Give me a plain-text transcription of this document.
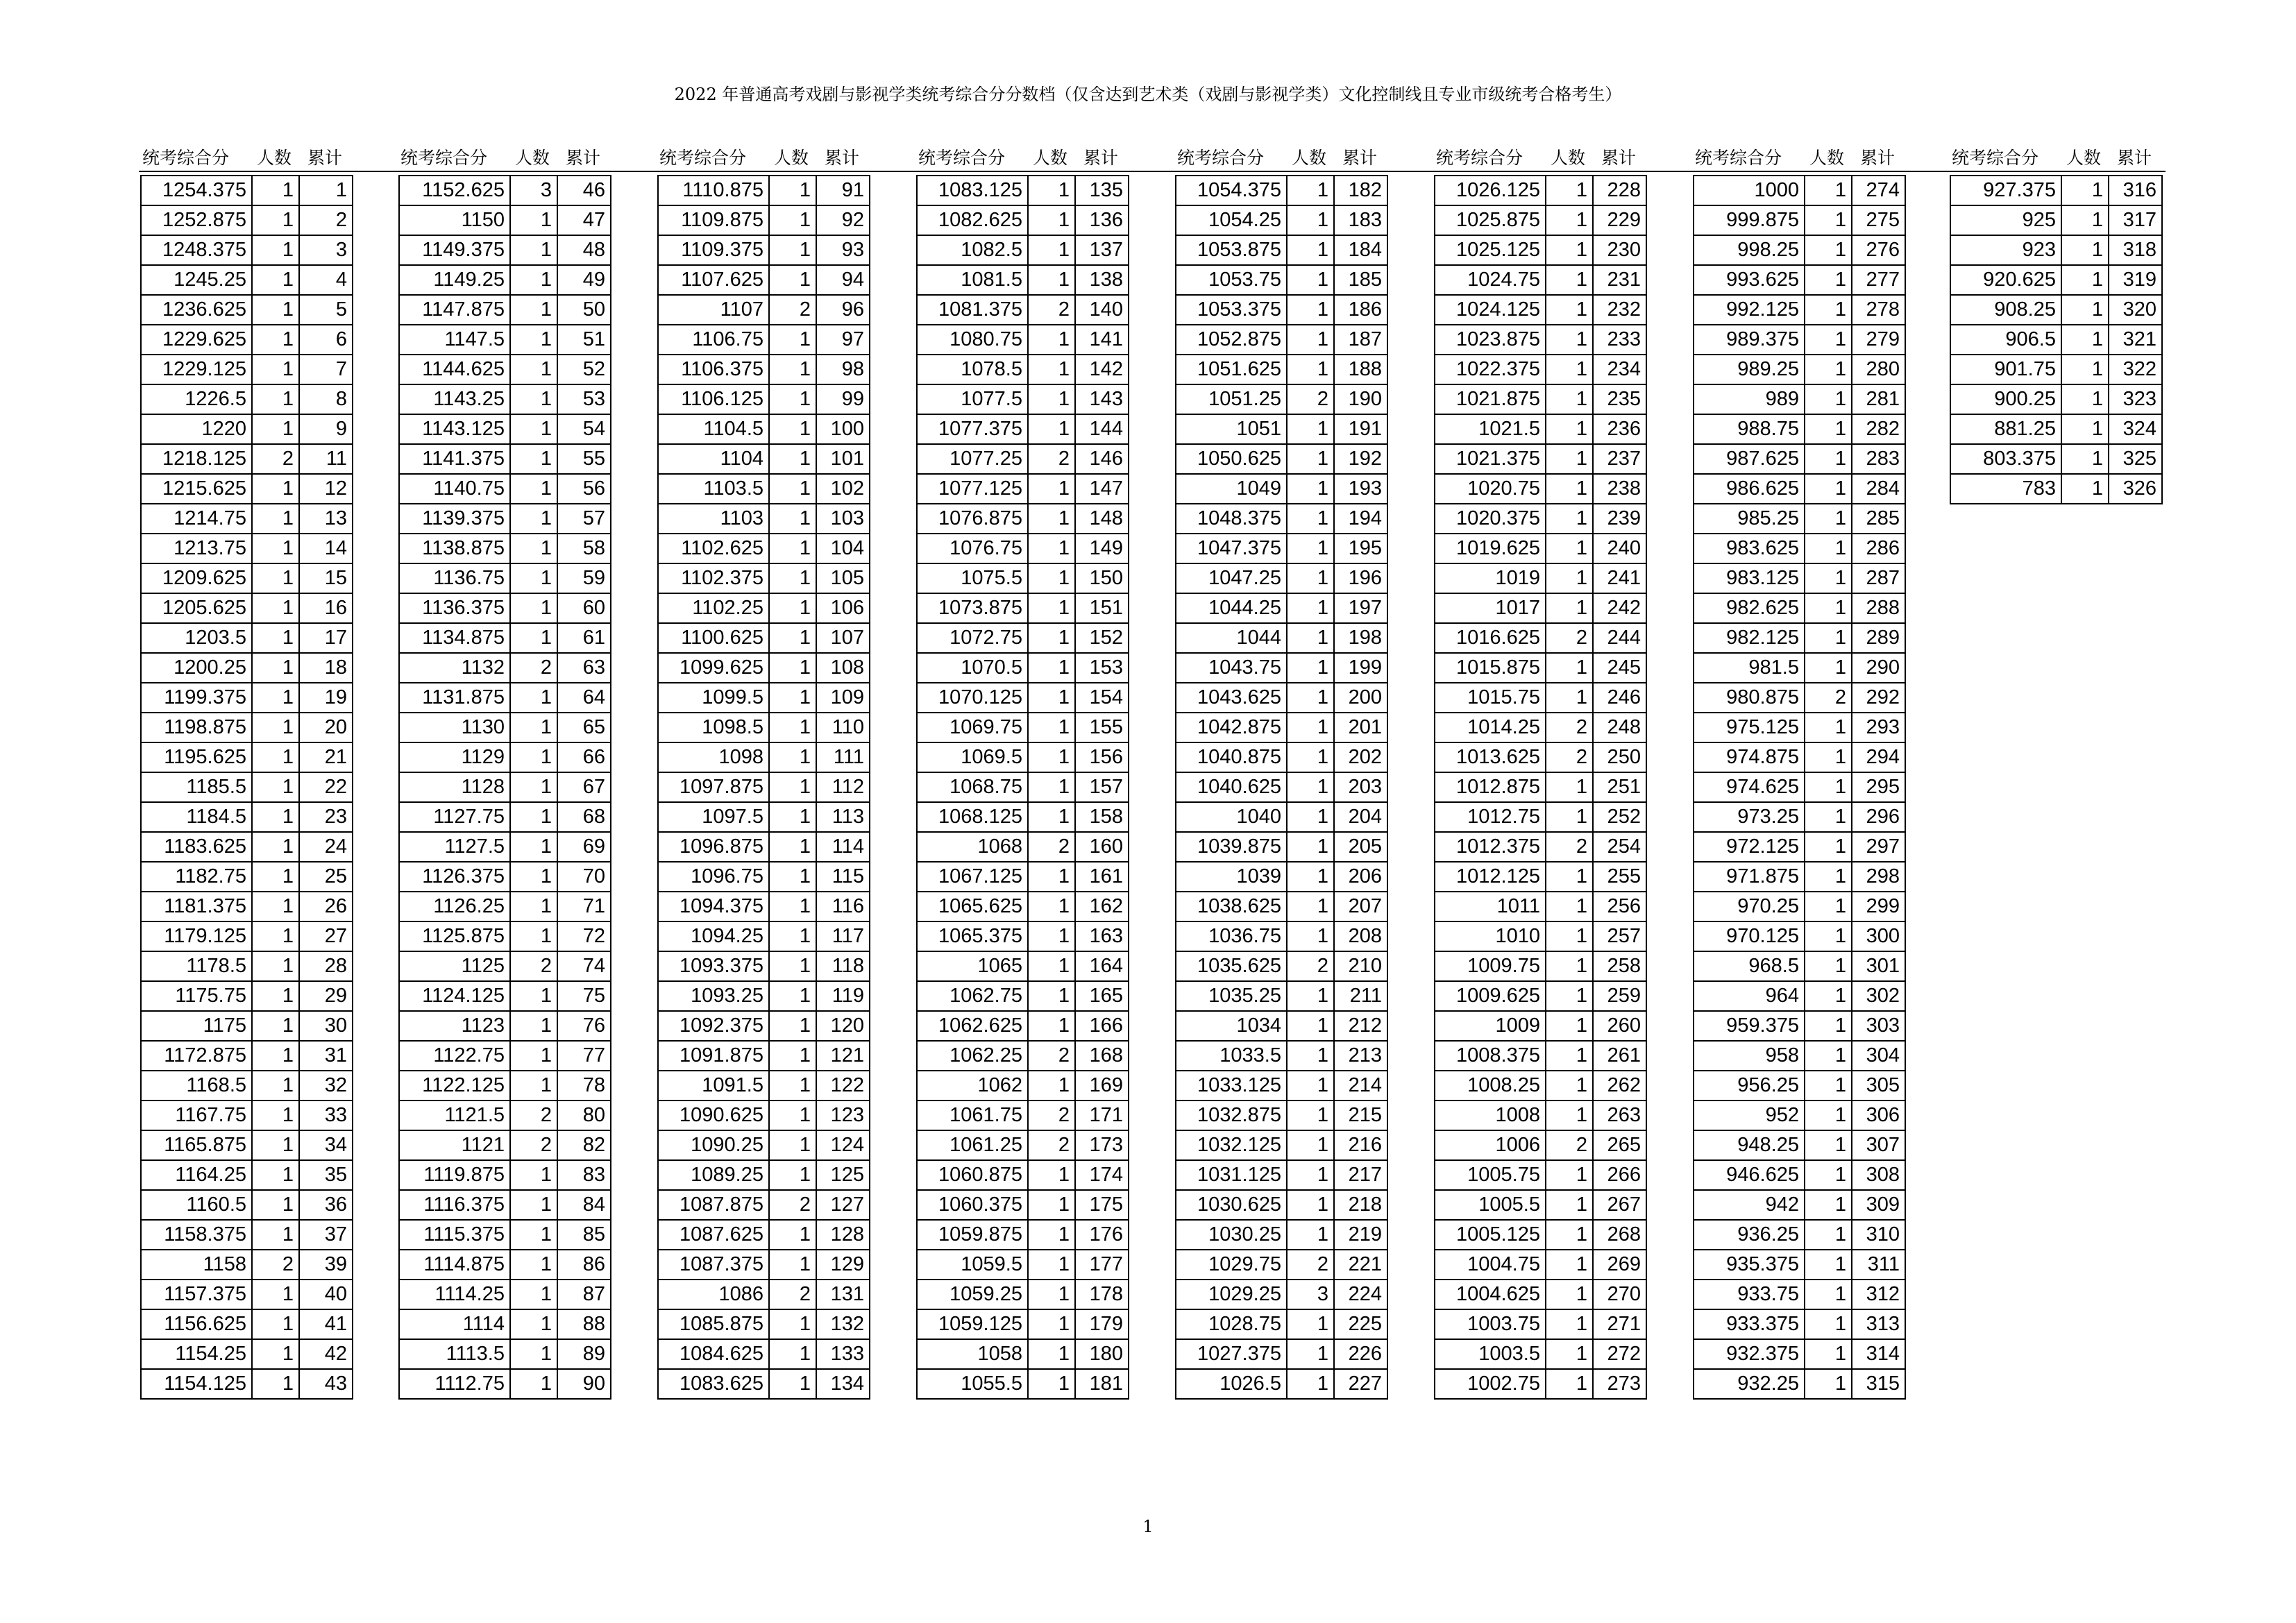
2022 年普通高考戏剧与影视学类统考综合分分数档（仅含达到艺术类（戏剧与影视学类）文化控制线且专业市级统考合格考生）
统考综合分 人数 累计
1254.375	1	1
1252.875	1	2
1248.375	1	3
1245.25	1	4
1236.625	1	5
1229.625	1	6
1229.125	1	7
1226.5	1	8
1220	1	9
1218.125	2	11
1215.625	1	12
1214.75	1	13
1213.75	1	14
1209.625	1	15
1205.625	1	16
1203.5	1	17
1200.25	1	18
1199.375	1	19
1198.875	1	20
1195.625	1	21
1185.5	1	22
1184.5	1	23
1183.625	1	24
1182.75	1	25
1181.375	1	26
1179.125	1	27
1178.5	1	28
1175.75	1	29
1175	1	30
1172.875	1	31
1168.5	1	32
1167.75	1	33
1165.875	1	34
1164.25	1	35
1160.5	1	36
1158.375	1	37
1158	2	39
1157.375	1	40
1156.625	1	41
1154.25	1	42
1154.125	1	43
统考综合分 人数 累计
1152.625	3	46
1150	1	47
1149.375	1	48
1149.25	1	49
1147.875	1	50
1147.5	1	51
1144.625	1	52
1143.25	1	53
1143.125	1	54
1141.375	1	55
1140.75	1	56
1139.375	1	57
1138.875	1	58
1136.75	1	59
1136.375	1	60
1134.875	1	61
1132	2	63
1131.875	1	64
1130	1	65
1129	1	66
1128	1	67
1127.75	1	68
1127.5	1	69
1126.375	1	70
1126.25	1	71
1125.875	1	72
1125	2	74
1124.125	1	75
1123	1	76
1122.75	1	77
1122.125	1	78
1121.5	2	80
1121	2	82
1119.875	1	83
1116.375	1	84
1115.375	1	85
1114.875	1	86
1114.25	1	87
1114	1	88
1113.5	1	89
1112.75	1	90
统考综合分 人数 累计
1110.875	1	91
1109.875	1	92
1109.375	1	93
1107.625	1	94
1107	2	96
1106.75	1	97
1106.375	1	98
1106.125	1	99
1104.5	1	100
1104	1	101
1103.5	1	102
1103	1	103
1102.625	1	104
1102.375	1	105
1102.25	1	106
1100.625	1	107
1099.625	1	108
1099.5	1	109
1098.5	1	110
1098	1	111
1097.875	1	112
1097.5	1	113
1096.875	1	114
1096.75	1	115
1094.375	1	116
1094.25	1	117
1093.375	1	118
1093.25	1	119
1092.375	1	120
1091.875	1	121
1091.5	1	122
1090.625	1	123
1090.25	1	124
1089.25	1	125
1087.875	2	127
1087.625	1	128
1087.375	1	129
1086	2	131
1085.875	1	132
1084.625	1	133
1083.625	1	134
统考综合分 人数 累计
1083.125	1	135
1082.625	1	136
1082.5	1	137
1081.5	1	138
1081.375	2	140
1080.75	1	141
1078.5	1	142
1077.5	1	143
1077.375	1	144
1077.25	2	146
1077.125	1	147
1076.875	1	148
1076.75	1	149
1075.5	1	150
1073.875	1	151
1072.75	1	152
1070.5	1	153
1070.125	1	154
1069.75	1	155
1069.5	1	156
1068.75	1	157
1068.125	1	158
1068	2	160
1067.125	1	161
1065.625	1	162
1065.375	1	163
1065	1	164
1062.75	1	165
1062.625	1	166
1062.25	2	168
1062	1	169
1061.75	2	171
1061.25	2	173
1060.875	1	174
1060.375	1	175
1059.875	1	176
1059.5	1	177
1059.25	1	178
1059.125	1	179
1058	1	180
1055.5	1	181
统考综合分 人数 累计
1054.375	1	182
1054.25	1	183
1053.875	1	184
1053.75	1	185
1053.375	1	186
1052.875	1	187
1051.625	1	188
1051.25	2	190
1051	1	191
1050.625	1	192
1049	1	193
1048.375	1	194
1047.375	1	195
1047.25	1	196
1044.25	1	197
1044	1	198
1043.75	1	199
1043.625	1	200
1042.875	1	201
1040.875	1	202
1040.625	1	203
1040	1	204
1039.875	1	205
1039	1	206
1038.625	1	207
1036.75	1	208
1035.625	2	210
1035.25	1	211
1034	1	212
1033.5	1	213
1033.125	1	214
1032.875	1	215
1032.125	1	216
1031.125	1	217
1030.625	1	218
1030.25	1	219
1029.75	2	221
1029.25	3	224
1028.75	1	225
1027.375	1	226
1026.5	1	227
统考综合分 人数 累计
1026.125	1	228
1025.875	1	229
1025.125	1	230
1024.75	1	231
1024.125	1	232
1023.875	1	233
1022.375	1	234
1021.875	1	235
1021.5	1	236
1021.375	1	237
1020.75	1	238
1020.375	1	239
1019.625	1	240
1019	1	241
1017	1	242
1016.625	2	244
1015.875	1	245
1015.75	1	246
1014.25	2	248
1013.625	2	250
1012.875	1	251
1012.75	1	252
1012.375	2	254
1012.125	1	255
1011	1	256
1010	1	257
1009.75	1	258
1009.625	1	259
1009	1	260
1008.375	1	261
1008.25	1	262
1008	1	263
1006	2	265
1005.75	1	266
1005.5	1	267
1005.125	1	268
1004.75	1	269
1004.625	1	270
1003.75	1	271
1003.5	1	272
1002.75	1	273
统考综合分 人数 累计
1000	1	274
999.875	1	275
998.25	1	276
993.625	1	277
992.125	1	278
989.375	1	279
989.25	1	280
989	1	281
988.75	1	282
987.625	1	283
986.625	1	284
985.25	1	285
983.625	1	286
983.125	1	287
982.625	1	288
982.125	1	289
981.5	1	290
980.875	2	292
975.125	1	293
974.875	1	294
974.625	1	295
973.25	1	296
972.125	1	297
971.875	1	298
970.25	1	299
970.125	1	300
968.5	1	301
964	1	302
959.375	1	303
958	1	304
956.25	1	305
952	1	306
948.25	1	307
946.625	1	308
942	1	309
936.25	1	310
935.375	1	311
933.75	1	312
933.375	1	313
932.375	1	314
932.25	1	315
统考综合分 人数 累计
927.375	1	316
925	1	317
923	1	318
920.625	1	319
908.25	1	320
906.5	1	321
901.75	1	322
900.25	1	323
881.25	1	324
803.375	1	325
783	1	326
1
